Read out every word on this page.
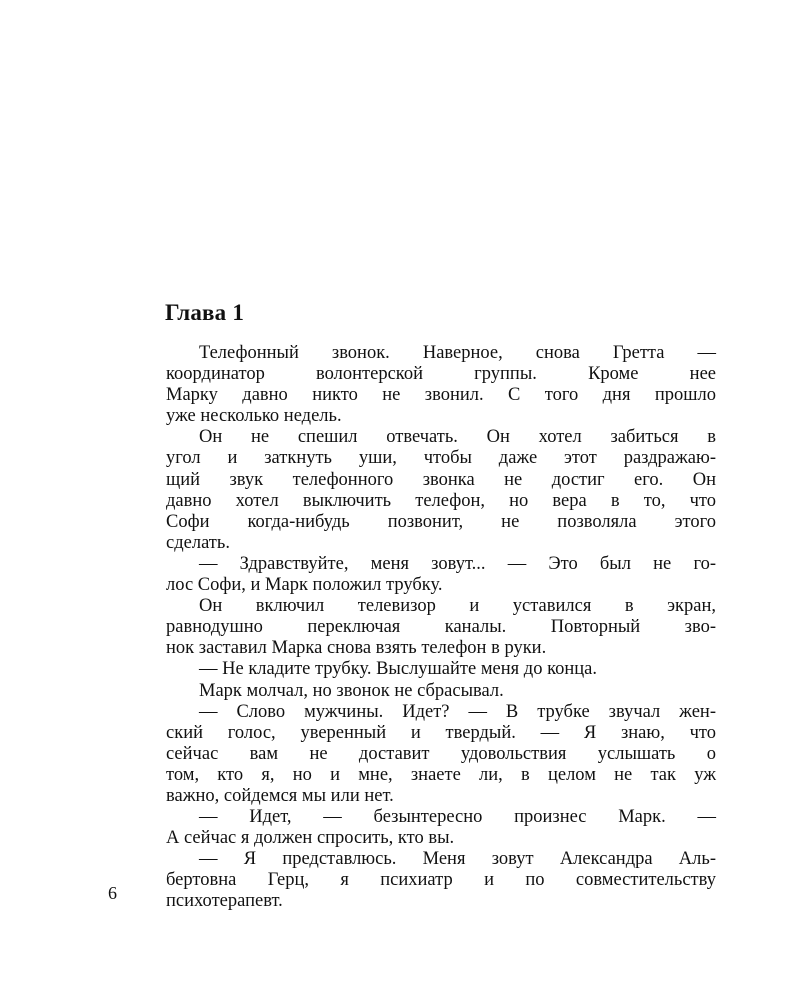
Глава 1
Телефонный звонок. Наверное, снова Гретта —
координатор волонтерской группы. Кроме нее
Марку давно никто не звонил. С того дня прошло
уже несколько недель.
Он не спешил отвечать. Он хотел забиться в
угол и заткнуть уши, чтобы даже этот раздражаю-
щий звук телефонного звонка не достиг его. Он
давно хотел выключить телефон, но вера в то, что
Софи когда-нибудь позвонит, не позволяла этого
сделать.
— Здравствуйте, меня зовут... — Это был не го-
лос Софи, и Марк положил трубку.
Он включил телевизор и уставился в экран,
равнодушно переключая каналы. Повторный зво-
нок заставил Марка снова взять телефон в руки.
— Не кладите трубку. Выслушайте меня до конца.
Марк молчал, но звонок не сбрасывал.
— Слово мужчины. Идет? — В трубке звучал жен-
ский голос, уверенный и твердый. — Я знаю, что
сейчас вам не доставит удовольствия услышать о
том, кто я, но и мне, знаете ли, в целом не так уж
важно, сойдемся мы или нет.
— Идет, — безынтересно произнес Марк. —
А сейчас я должен спросить, кто вы.
— Я представлюсь. Меня зовут Александра Аль-
бертовна Герц, я психиатр и по совместительству
психотерапевт.
6
